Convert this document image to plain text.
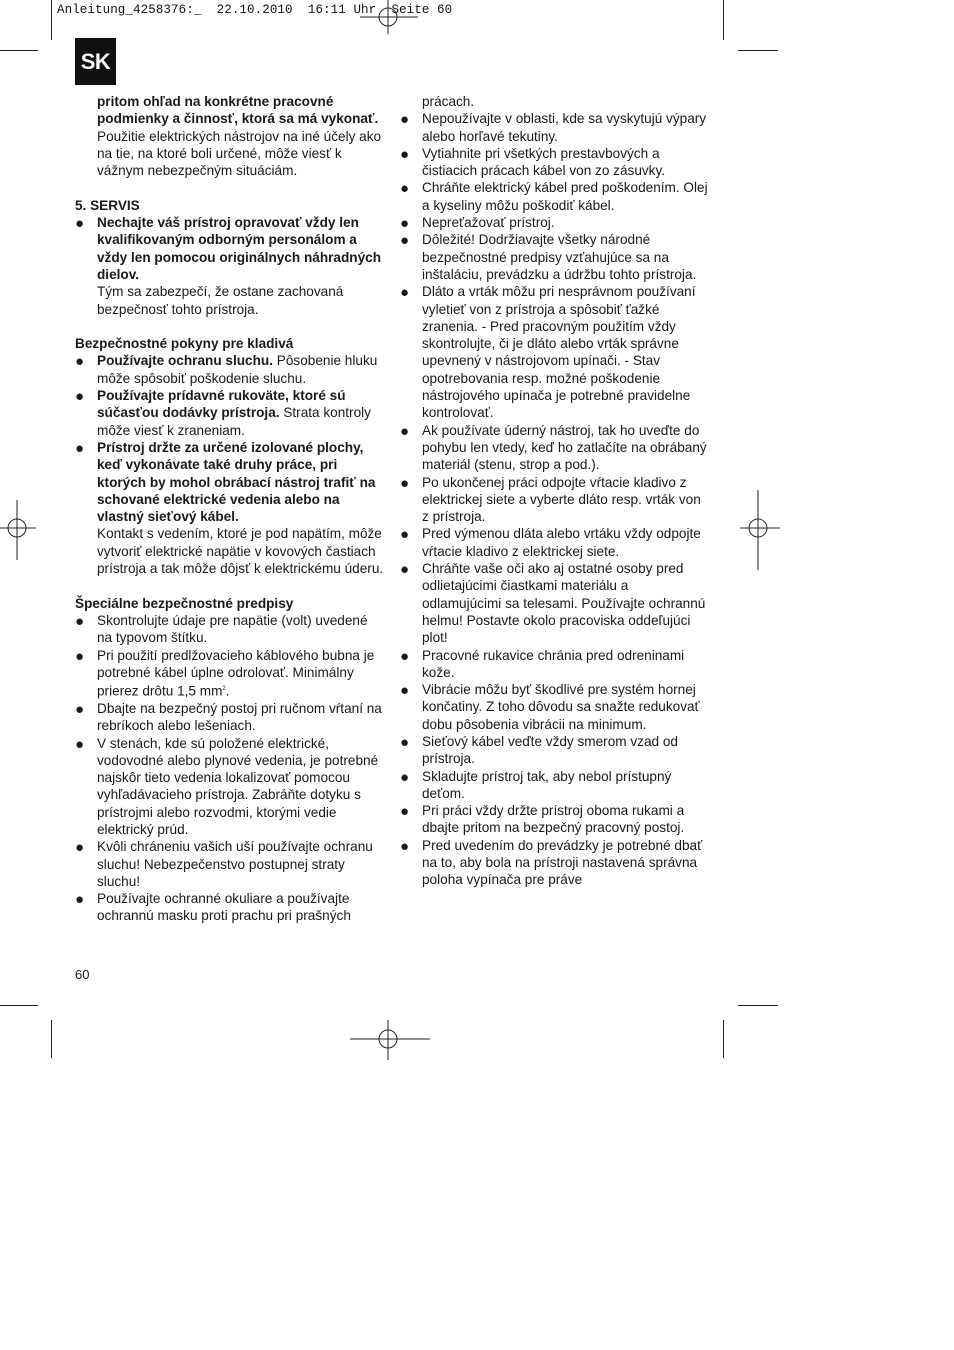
Anleitung_4258376:_  22.10.2010  16:11 Uhr  Seite 60
SK

pritom ohľad na konkrétne pracovné podmienky a činnosť, ktorá sa má vykonať.

Použitie elektrických nástrojov na iné účely ako na tie, na ktoré boli určené, môže viesť k vážnym nebezpečným situáciám.

5. SERVIS

● Nechajte váš prístroj opravovať vždy len kvalifikovaným odborným personálom a vždy len pomocou originálnych náhradných dielov.

Tým sa zabezpečí, že ostane zachovaná bezpečnosť tohto prístroja.

Bezpečnostné pokyny pre kladivá

● Používajte ochranu sluchu. Pôsobenie hluku môže spôsobiť poškodenie sluchu.
● Používajte prídavné rukoväte, ktoré sú súčasťou dodávky prístroja. Strata kontroly môže viesť k zraneniam.
● Prístroj držte za určené izolované plochy, keď vykonávate také druhy práce, pri ktorých by mohol obrábací nástroj trafiť na schované elektrické vedenia alebo na vlastný sieťový kábel.
Kontakt s vedením, ktoré je pod napätím, môže vytvoriť elektrické napätie v kovových častiach prístroja a tak môže dôjsť k elektrickému úderu.

Špeciálne bezpečnostné predpisy

● Skontrolujte údaje pre napätie (volt) uvedené na typovom štítku.
● Pri použití predlžovacieho káblového bubna je potrebné kábel úplne odrolovať. Minimálny prierez drôtu 1,5 $mm^2$.
● Dbajte na bezpečný postoj pri ručnom vŕtaní na rebríkoch alebo lešeniach.
● V stenách, kde sú položené elektrické, vodovodné alebo plynové vedenia, je potrebné najskôr tieto vedenia lokalizovať pomocou vyhľadávacieho prístroja. Zabráňte dotyku s prístrojmi alebo rozvodmi, ktorými vedie elektrický prúd.
● Kvôli chráneniu vašich uší používajte ochranu sluchu! Nebezpečenstvo postupnej straty sluchu!
● Používajte ochranné okuliare a používajte ochrannú masku proti prachu pri prašných

prácach.

● Nepoužívajte v oblasti, kde sa vyskytujú výpary alebo horľavé tekutiny.
● Vytiahnite pri všetkých prestavbových a čistiacich prácach kábel von zo zásuvky.
● Chráňte elektrický kábel pred poškodením. Olej a kyseliny môžu poškodiť kábel.
● Nepreťažovať prístroj.
● Dôležité! Dodržiavajte všetky národné bezpečnostné predpisy vzťahujúce sa na inštaláciu, prevádzku a údržbu tohto prístroja.
● Dláto a vrták môžu pri nesprávnom používaní vyletieť von z prístroja a spôsobiť ťažké zranenia. - Pred pracovným použitím vždy skontrolujte, či je dláto alebo vrták správne upevnený v nástrojovom upínači. - Stav opotrebovania resp. možné poškodenie nástrojového upínača je potrebné pravidelne kontrolovať.
● Ak používate úderný nástroj, tak ho uveďte do pohybu len vtedy, keď ho zatlačíte na obrábaný materiál (stenu, strop a pod.).
● Po ukončenej práci odpojte vŕtacie kladivo z elektrickej siete a vyberte dláto resp. vrták von z prístroja.
● Pred výmenou dláta alebo vrtáku vždy odpojte vŕtacie kladivo z elektrickej siete.
● Chráňte vaše oči ako aj ostatné osoby pred odlietajúcimi čiastkami materiálu a odlamujúcimi sa telesami. Používajte ochrannú helmu! Postavte okolo pracoviska oddeľujúci plot!
● Pracovné rukavice chránia pred odreninami kože.
● Vibrácie môžu byť škodlivé pre systém hornej končatiny. Z toho dôvodu sa snažte redukovať dobu pôsobenia vibrácii na minimum.
● Sieťový kábel veďte vždy smerom vzad od prístroja.
● Skladujte prístroj tak, aby nebol prístupný deťom.
● Pri práci vždy držte prístroj oboma rukami a dbajte pritom na bezpečný pracovný postoj.
● Pred uvedením do prevádzky je potrebné dbať na to, aby bola na prístroji nastavená správna poloha vypínača pre práve
60
